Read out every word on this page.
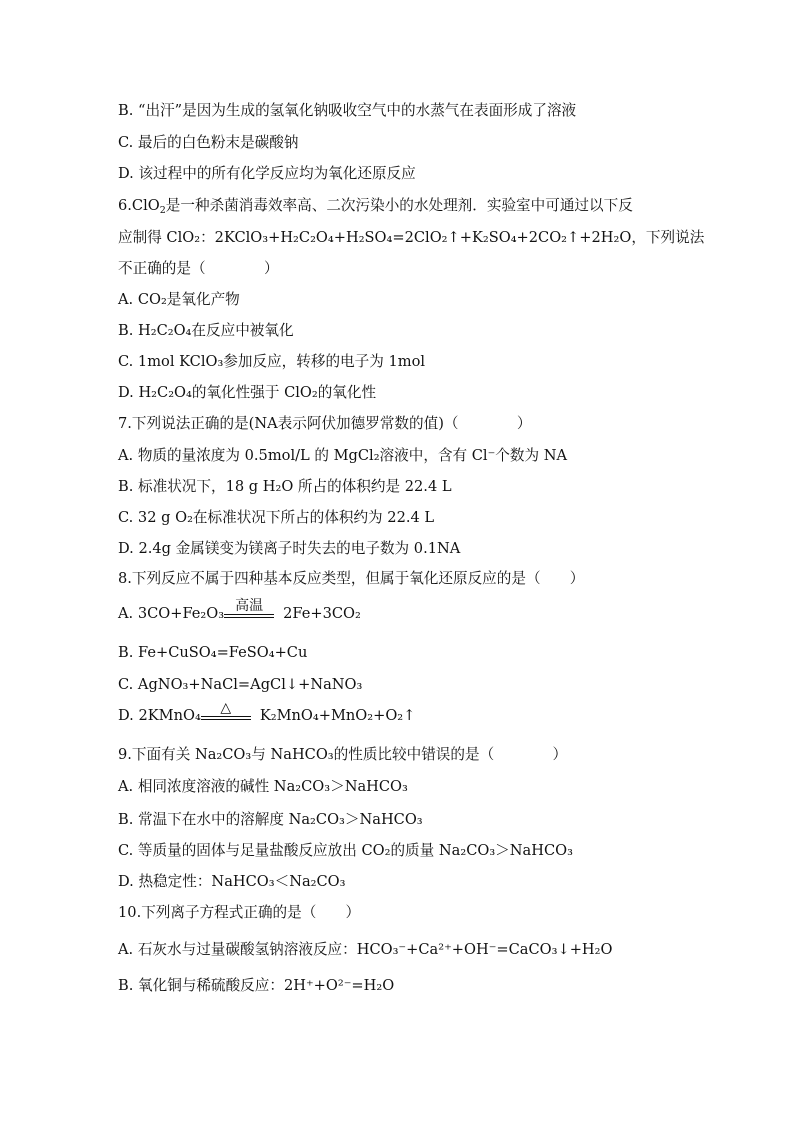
B. “出汗”是因为生成的氢氧化钠吸收空气中的水蒸气在表面形成了溶液
C. 最后的白色粉末是碳酸钠
D. 该过程中的所有化学反应均为氧化还原反应
6.ClO$_2$是一种杀菌消毒效率高、二次污染小的水处理剂．实验室中可通过以下反
应制得 ClO₂：2KClO₃+H₂C₂O₄+H₂SO₄=2ClO₂↑+K₂SO₄+2CO₂↑+2H₂O，下列说法
不正确的是（　　　　）
A. CO₂是氧化产物
B. H₂C₂O₄在反应中被氧化
C. 1mol KClO₃参加反应，转移的电子为 1mol
D. H₂C₂O₄的氧化性强于 ClO₂的氧化性
7.下列说法正确的是(NA表示阿伏加德罗常数的值)（　　　　）
A. 物质的量浓度为 0.5mol/L 的 MgCl₂溶液中，含有 Cl⁻个数为 NA
B. 标准状况下，18 g H₂O 所占的体积约是 22.4 L
C. 32 g O₂在标准状况下所占的体积约为 22.4 L
D. 2.4g 金属镁变为镁离子时失去的电子数为 0.1NA
8.下列反应不属于四种基本反应类型，但属于氧化还原反应的是（　　）
A. 3CO+Fe₂O₃ 高温	2Fe+3CO₂
B. Fe+CuSO₄=FeSO₄+Cu
C. AgNO₃+NaCl=AgCl↓+NaNO₃
D. 2KMnO₄	△	K₂MnO₄+MnO₂+O₂↑
9.下面有关 Na₂CO₃与 NaHCO₃的性质比较中错误的是（　　　　）
A. 相同浓度溶液的碱性 Na₂CO₃＞NaHCO₃
B. 常温下在水中的溶解度 Na₂CO₃＞NaHCO₃
C. 等质量的固体与足量盐酸反应放出 CO₂的质量 Na₂CO₃＞NaHCO₃
D. 热稳定性：NaHCO₃＜Na₂CO₃
10.下列离子方程式正确的是（　　）
A. 石灰水与过量碳酸氢钠溶液反应：HCO₃⁻+Ca²⁺+OH⁻=CaCO₃↓+H₂O
B. 氧化铜与稀硫酸反应：2H⁺+O²⁻=H₂O
